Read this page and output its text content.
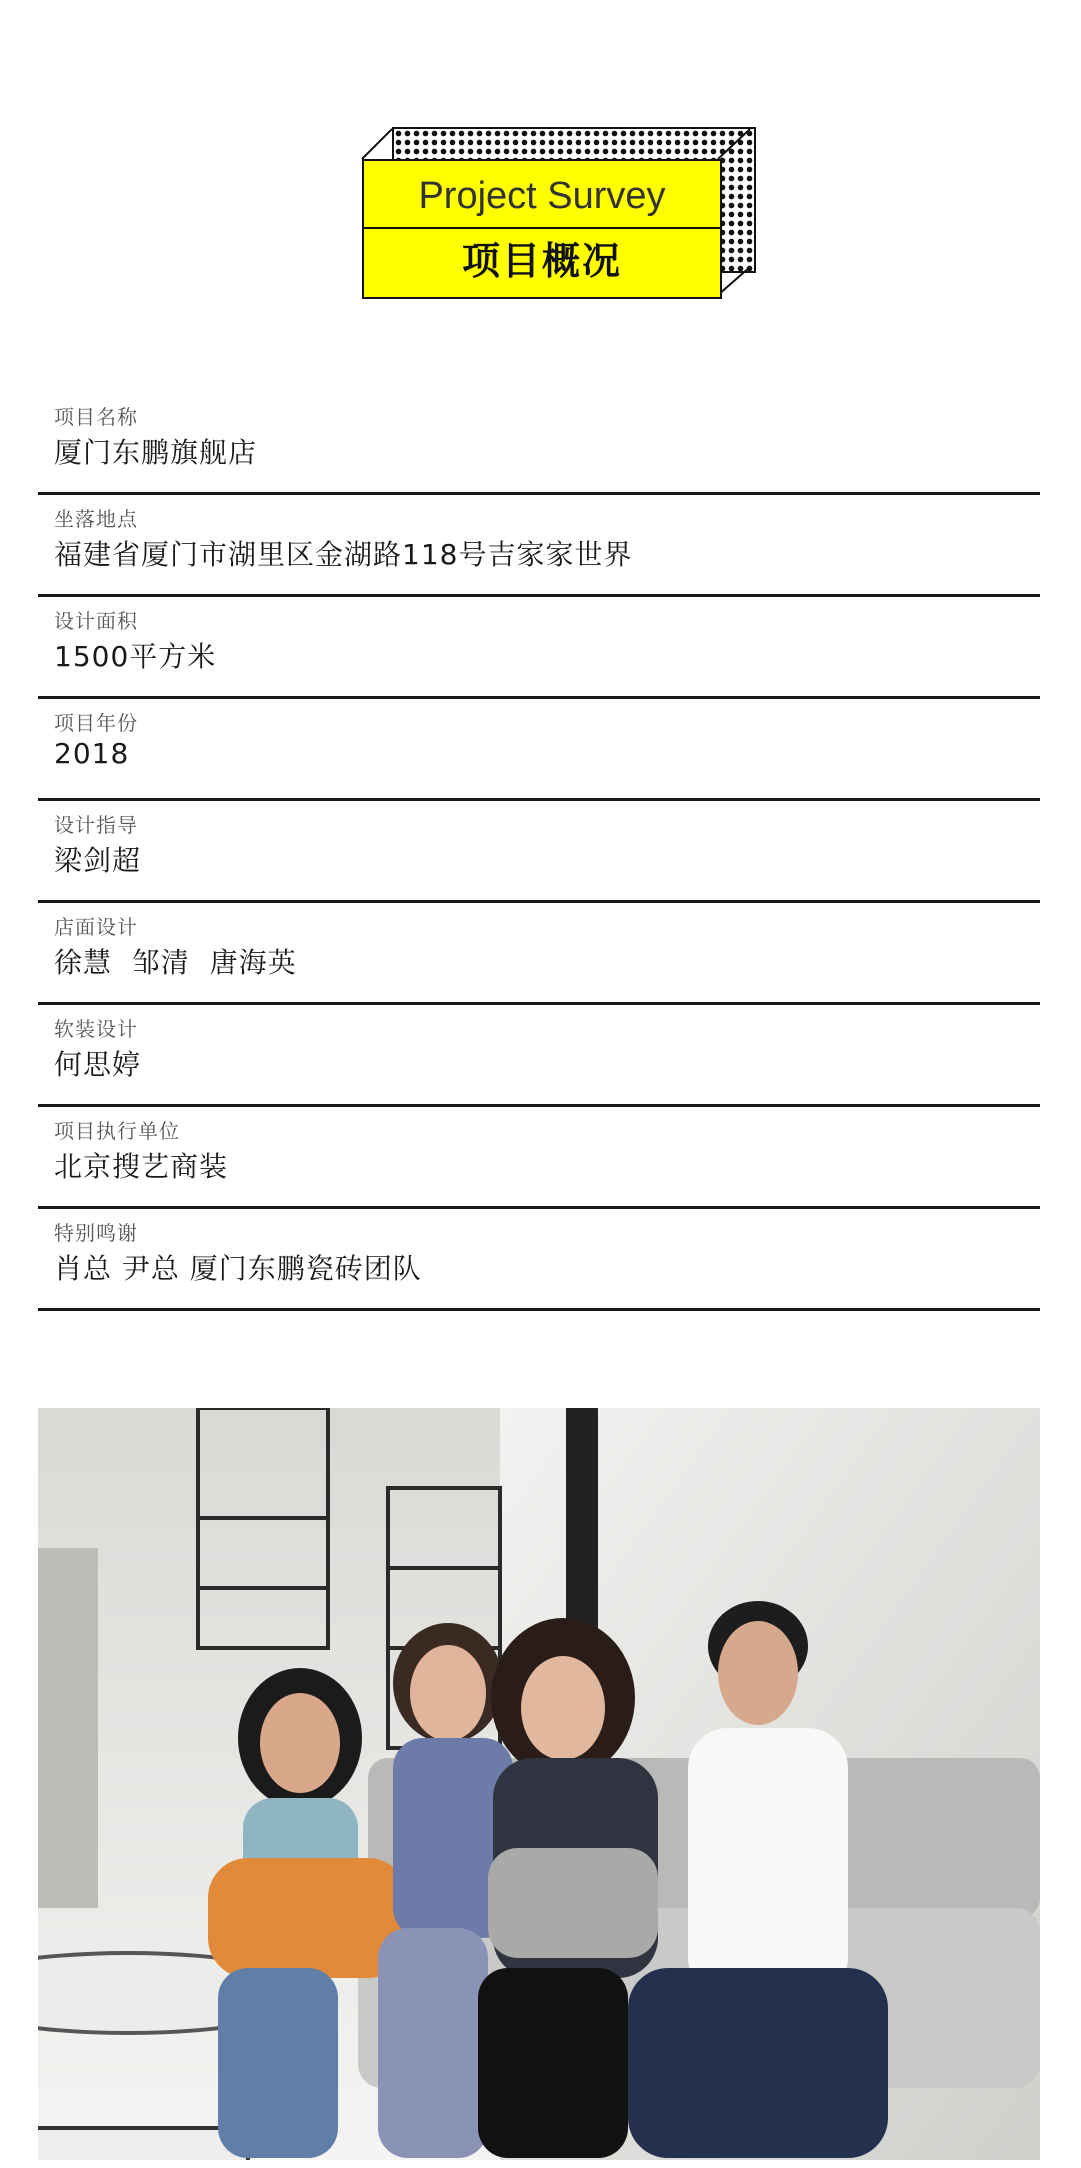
Project Survey
项目概况
项目名称
厦门东鹏旗舰店
坐落地点
福建省厦门市湖里区金湖路118号吉家家世界
设计面积
1500平方米
项目年份
2018
设计指导
梁剑超
店面设计
徐慧  邹清  唐海英
软装设计
何思婷
项目执行单位
北京搜艺商装
特别鸣谢
肖总 尹总 厦门东鹏瓷砖团队
